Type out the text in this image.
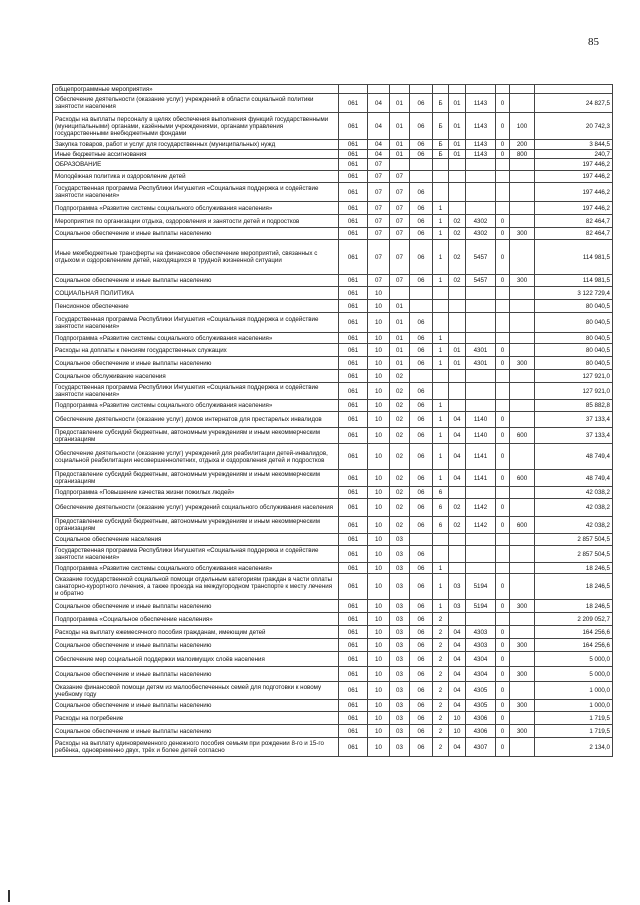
85
общепрограммные мероприятия»										
Обеспечение деятельности (оказание услуг) учреждений в области социальной политики занятости населения	061	04	01	06	Б	01	1143	0		24 827,5
Расходы на выплаты персоналу в целях обеспечения выполнения функций государственными (муниципальными) органами, казёнными учреждениями, органами управления государственными внебюджетными фондами	061	04	01	06	Б	01	1143	0	100	20 742,3
Закупка товаров, работ и услуг для государственных (муниципальных) нужд	061	04	01	06	Б	01	1143	0	200	3 844,5
Иные бюджетные ассигнования	061	04	01	06	Б	01	1143	0	800	240,7
ОБРАЗОВАНИЕ	061	07								197 446,2
Молодёжная политика и оздоровление детей	061	07	07							197 446,2
Государственная программа Республики Ингушетия «Социальная поддержка и содействие занятости населения»	061	07	07	06						197 446,2
Подпрограмма «Развитие системы социального обслуживания населения»	061	07	07	06	1					197 446,2
Мероприятия по организации отдыха, оздоровления и занятости детей и подростков	061	07	07	06	1	02	4302	0		82 464,7
Социальное обеспечение и иные выплаты населению	061	07	07	06	1	02	4302	0	300	82 464,7
Иные межбюджетные трансферты на финансовое обеспечение мероприятий, связанных с отдыхом и оздоровлением детей, находящихся в трудной жизненной ситуации	061	07	07	06	1	02	5457	0		114 981,5
Социальное обеспечение и иные выплаты населению	061	07	07	06	1	02	5457	0	300	114 981,5
СОЦИАЛЬНАЯ ПОЛИТИКА	061	10								3 122 729,4
Пенсионное обеспечение	061	10	01							80 040,5
Государственная программа Республики Ингушетия «Социальная поддержка и содействие занятости населения»	061	10	01	06						80 040,5
Подпрограмма «Развитие системы социального обслуживания населения»	061	10	01	06	1					80 040,5
Расходы на доплаты к пенсиям государственных служащих	061	10	01	06	1	01	4301	0		80 040,5
Социальное обеспечение и иные выплаты населению	061	10	01	06	1	01	4301	0	300	80 040,5
Социальное обслуживание населения	061	10	02							127 921,0
Государственная программа Республики Ингушетия «Социальная поддержка и содействие занятости населения»	061	10	02	06						127 921,0
Подпрограмма «Развитие системы социального обслуживания населения»	061	10	02	06	1					85 882,8
Обеспечение деятельности (оказание услуг) домов интернатов для престарелых инвалидов	061	10	02	06	1	04	1140	0		37 133,4
Предоставление субсидий бюджетным, автономным учреждениям и иным некоммерческим организациям	061	10	02	06	1	04	1140	0	600	37 133,4
Обеспечение деятельности (оказание услуг) учреждений для реабилитации детей-инвалидов, социальной реабилитации несовершеннолетних, отдыха и оздоровления детей и подростков	061	10	02	06	1	04	1141	0		48 749,4
Предоставление субсидий бюджетным, автономным учреждениям и иным некоммерческим организациям	061	10	02	06	1	04	1141	0	600	48 749,4
Подпрограмма «Повышение качества жизни пожилых людей»	061	10	02	06	6					42 038,2
Обеспечение деятельности (оказание услуг) учреждений социального обслуживания населения	061	10	02	06	6	02	1142	0		42 038,2
Предоставление субсидий бюджетным, автономным учреждениям и иным некоммерческим организациям	061	10	02	06	6	02	1142	0	600	42 038,2
Социальное обеспечение населения	061	10	03							2 857 504,5
Государственная программа Республики Ингушетия «Социальная поддержка и содействие занятости населения»	061	10	03	06						2 857 504,5
Подпрограмма «Развитие системы социального обслуживания населения»	061	10	03	06	1					18 246,5
Оказание государственной социальной помощи отдельным категориям граждан в части оплаты санаторно-курортного лечения, а также проезда на междугородном транспорте к месту лечения и обратно	061	10	03	06	1	03	5194	0		18 246,5
Социальное обеспечение и иные выплаты населению	061	10	03	06	1	03	5194	0	300	18 246,5
Подпрограмма «Социальное обеспечение населения»	061	10	03	06	2					2 209 052,7
Расходы на выплату ежемесячного пособия гражданам, имеющим детей	061	10	03	06	2	04	4303	0		164 256,6
Социальное обеспечение и иные выплаты населению	061	10	03	06	2	04	4303	0	300	164 256,6
Обеспечение мер социальной поддержки малоимущих слоёв населения	061	10	03	06	2	04	4304	0		5 000,0
Социальное обеспечение и иные выплаты населению	061	10	03	06	2	04	4304	0	300	5 000,0
Оказание финансовой помощи детям из малообеспеченных семей для подготовки к новому учебному году	061	10	03	06	2	04	4305	0		1 000,0
Социальное обеспечение и иные выплаты населению	061	10	03	06	2	04	4305	0	300	1 000,0
Расходы на погребение	061	10	03	06	2	10	4306	0		1 719,5
Социальное обеспечение и иные выплаты населению	061	10	03	06	2	10	4306	0	300	1 719,5
Расходы на выплату единовременного денежного пособия семьям при рождении 8-го и 15-го ребёнка, одновременно двух, трёх и более детей согласно	061	10	03	06	2	04	4307	0		2 134,0
